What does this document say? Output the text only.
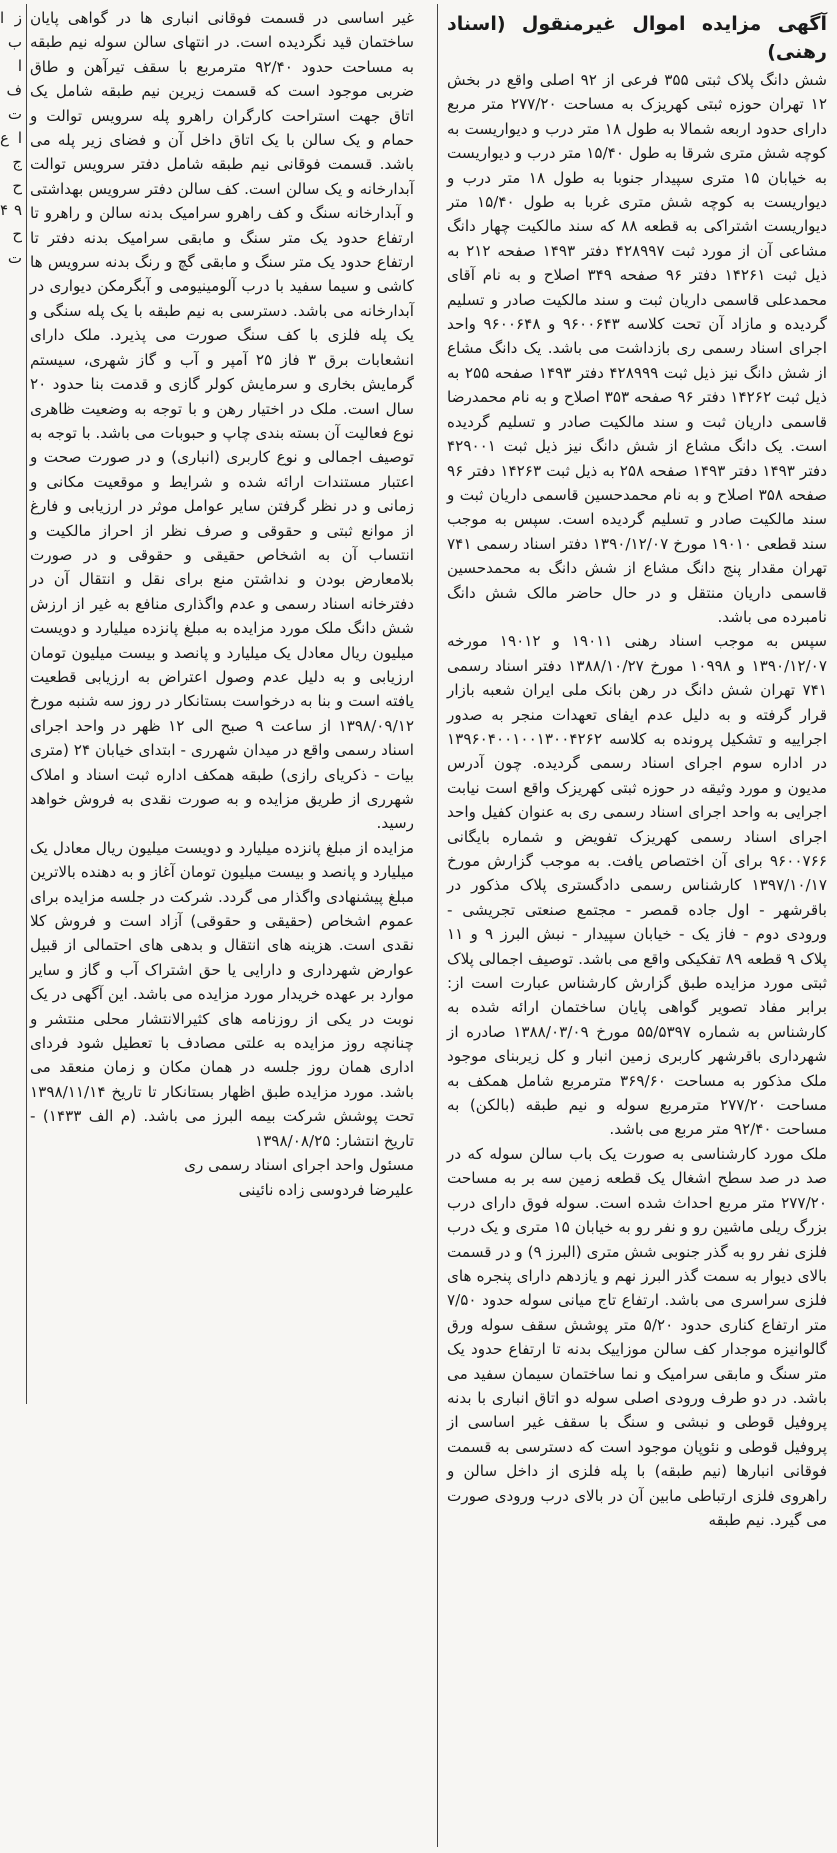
آگهی مزایده اموال غیرمنقول (اسناد رهنی)

شش دانگ پلاک ثبتی ۳۵۵ فرعی از ۹۲ اصلی واقع در بخش ۱۲ تهران حوزه ثبتی کهریزک به مساحت ۲۷۷/۲۰ متر مربع دارای حدود اربعه شمالا به طول ۱۸ متر درب و دیواریست به کوچه شش متری شرقا به طول ۱۵/۴۰ متر درب و دیواریست به خیابان ۱۵ متری سپیدار جنوبا به طول ۱۸ متر درب و دیواریست به کوچه شش متری غربا به طول ۱۵/۴۰ متر دیواریست اشتراکی به قطعه ۸۸ که سند مالکیت چهار دانگ مشاعی آن از مورد ثبت ۴۲۸۹۹۷ دفتر ۱۴۹۳ صفحه ۲۱۲ به ذیل ثبت ۱۴۲۶۱ دفتر ۹۶ صفحه ۳۴۹ اصلاح و به نام آقای محمدعلی قاسمی داریان ثبت و سند مالکیت صادر و تسلیم گردیده و مازاد آن تحت کلاسه ۹۶۰۰۶۴۳ و ۹۶۰۰۶۴۸ واحد اجرای اسناد رسمی ری بازداشت می باشد. یک دانگ مشاع از شش دانگ نیز ذیل ثبت ۴۲۸۹۹۹ دفتر ۱۴۹۳ صفحه ۲۵۵ به ذیل ثبت ۱۴۲۶۲ دفتر ۹۶ صفحه ۳۵۳ اصلاح و به نام محمدرضا قاسمی داریان ثبت و سند مالکیت صادر و تسلیم گردیده است. یک دانگ مشاع از شش دانگ نیز ذیل ثبت ۴۲۹۰۰۱ دفتر ۱۴۹۳ دفتر ۱۴۹۳ صفحه ۲۵۸ به ذیل ثبت ۱۴۲۶۳ دفتر ۹۶ صفحه ۳۵۸ اصلاح و به نام محمدحسین قاسمی داریان ثبت و سند مالکیت صادر و تسلیم گردیده است. سپس به موجب سند قطعی ۱۹۰۱۰ مورخ ۱۳۹۰/۱۲/۰۷ دفتر اسناد رسمی ۷۴۱ تهران مقدار پنج دانگ مشاع از شش دانگ به محمدحسین قاسمی داریان منتقل و در حال حاضر مالک شش دانگ نامبرده می باشد.

سپس به موجب اسناد رهنی ۱۹۰۱۱ و ۱۹۰۱۲ مورخه ۱۳۹۰/۱۲/۰۷ و ۱۰۹۹۸ مورخ ۱۳۸۸/۱۰/۲۷ دفتر اسناد رسمی ۷۴۱ تهران شش دانگ در رهن بانک ملی ایران شعبه بازار قرار گرفته و به دلیل عدم ایفای تعهدات منجر به صدور اجراییه و تشکیل پرونده به کلاسه ۱۳۹۶۰۴۰۰۱۰۰۱۳۰۰۴۲۶۲ در اداره سوم اجرای اسناد رسمی گردیده. چون آدرس مدیون و مورد وثیقه در حوزه ثبتی کهریزک واقع است نیابت اجرایی به واحد اجرای اسناد رسمی ری به عنوان کفیل واحد اجرای اسناد رسمی کهریزک تفویض و شماره بایگانی ۹۶۰۰۷۶۶ برای آن اختصاص یافت. به موجب گزارش مورخ ۱۳۹۷/۱۰/۱۷ کارشناس رسمی دادگستری پلاک مذکور در باقرشهر - اول جاده قمصر - مجتمع صنعتی تجریشی - ورودی دوم - فاز یک - خیابان سپیدار - نبش البرز ۹ و ۱۱ پلاک ۹ قطعه ۸۹ تفکیکی واقع می باشد. توصیف اجمالی پلاک ثبتی مورد مزایده طبق گزارش کارشناس عبارت است از: برابر مفاد تصویر گواهی پایان ساختمان ارائه شده به کارشناس به شماره ۵۵/۵۳۹۷ مورخ ۱۳۸۸/۰۳/۰۹ صادره از شهرداری باقرشهر کاربری زمین انبار و کل زیربنای موجود ملک مذکور به مساحت ۳۶۹/۶۰ مترمربع شامل همکف به مساحت ۲۷۷/۲۰ مترمربع سوله و نیم طبقه (بالکن) به مساحت ۹۲/۴۰ متر مربع می باشد.

ملک مورد کارشناسی به صورت یک باب سالن سوله که در صد در صد سطح اشغال یک قطعه زمین سه بر به مساحت ۲۷۷/۲۰ متر مربع احداث شده است. سوله فوق دارای درب بزرگ ریلی ماشین رو و نفر رو به خیابان ۱۵ متری و یک درب فلزی نفر رو به گذر جنوبی شش متری (البرز ۹) و در قسمت بالای دیوار به سمت گذر البرز نهم و یازدهم دارای پنجره های فلزی سراسری می باشد. ارتفاع تاج میانی سوله حدود ۷/۵۰ متر ارتفاع کناری حدود ۵/۲۰ متر پوشش سقف سوله ورق گالوانیزه موجدار کف سالن موزاییک بدنه تا ارتفاع حدود یک متر سنگ و مابقی سرامیک و نما ساختمان سیمان سفید می باشد. در دو طرف ورودی اصلی سوله دو اتاق انباری با بدنه پروفیل قوطی و نبشی و سنگ با سقف غیر اساسی از پروفیل قوطی و نئوپان موجود است که دسترسی به قسمت فوقانی انبارها (نیم طبقه) با پله فلزی از داخل سالن و راهروی فلزی ارتباطی مابین آن در بالای درب ورودی صورت می گیرد. نیم طبقه

غیر اساسی در قسمت فوقانی انباری ها در گواهی پایان ساختمان قید نگردیده است. در انتهای سالن سوله نیم طبقه به مساحت حدود ۹۲/۴۰ مترمربع با سقف تیرآهن و طاق ضربی موجود است که قسمت زیرین نیم طبقه شامل یک اتاق جهت استراحت کارگران راهرو پله سرویس توالت و حمام و یک سالن با یک اتاق داخل آن و فضای زیر پله می باشد. قسمت فوقانی نیم طبقه شامل دفتر سرویس توالت آبدارخانه و یک سالن است. کف سالن دفتر سرویس بهداشتی و آبدارخانه سنگ و کف راهرو سرامیک بدنه سالن و راهرو تا ارتفاع حدود یک متر سنگ و مابقی سرامیک بدنه دفتر تا ارتفاع حدود یک متر سنگ و مابقی گچ و رنگ بدنه سرویس ها کاشی و سیما سفید با درب آلومینیومی و آبگرمکن دیواری در آبدارخانه می باشد. دسترسی به نیم طبقه با یک پله سنگی و یک پله فلزی با کف سنگ صورت می پذیرد. ملک دارای انشعابات برق ۳ فاز ۲۵ آمپر و آب و گاز شهری، سیستم گرمایش بخاری و سرمایش کولر گازی و قدمت بنا حدود ۲۰ سال است. ملک در اختیار رهن و با توجه به وضعیت ظاهری نوع فعالیت آن بسته بندی چاپ و حبوبات می باشد. با توجه به توصیف اجمالی و نوع کاربری (انباری) و در صورت صحت و اعتبار مستندات ارائه شده و شرایط و موقعیت مکانی و زمانی و در نظر گرفتن سایر عوامل موثر در ارزیابی و فارغ از موانع ثبتی و حقوقی و صرف نظر از احراز مالکیت و انتساب آن به اشخاص حقیقی و حقوقی و در صورت بلامعارض بودن و نداشتن منع برای نقل و انتقال آن در دفترخانه اسناد رسمی و عدم واگذاری منافع به غیر از ارزش شش دانگ ملک مورد مزایده به مبلغ پانزده میلیارد و دویست میلیون ریال معادل یک میلیارد و پانصد و بیست میلیون تومان ارزیابی و به دلیل عدم وصول اعتراض به ارزیابی قطعیت یافته است و بنا به درخواست بستانکار در روز سه شنبه مورخ ۱۳۹۸/۰۹/۱۲ از ساعت ۹ صبح الی ۱۲ ظهر در واحد اجرای اسناد رسمی واقع در میدان شهرری - ابتدای خیابان ۲۴ (متری بیات - ذکریای رازی) طبقه همکف اداره ثبت اسناد و املاک شهرری از طریق مزایده و به صورت نقدی به فروش خواهد رسید.

مزایده از مبلغ پانزده میلیارد و دویست میلیون ریال معادل یک میلیارد و پانصد و بیست میلیون تومان آغاز و به دهنده بالاترین مبلغ پیشنهادی واگذار می گردد. شرکت در جلسه مزایده برای عموم اشخاص (حقیقی و حقوقی) آزاد است و فروش کلا نقدی است. هزینه های انتقال و بدهی های احتمالی از قبیل عوارض شهرداری و دارایی یا حق اشتراک آب و گاز و سایر موارد بر عهده خریدار مورد مزایده می باشد. این آگهی در یک نوبت در یکی از روزنامه های کثیرالانتشار محلی منتشر و چنانچه روز مزایده به علتی مصادف با تعطیل شود فردای اداری همان روز جلسه در همان مکان و زمان منعقد می باشد. مورد مزایده طبق اظهار بستانکار تا تاریخ ۱۳۹۸/۱۱/۱۴ تحت پوشش شرکت بیمه البرز می باشد. (م الف ۱۴۳۳) - تاریخ انتشار: ۱۳۹۸/۰۸/۲۵

مسئول واحد اجرای اسناد رسمی ری

علیرضا فردوسی زاده نائینی

ز ا ب ا ف ت ا ع ج ح ۹ ۴ ح ت
